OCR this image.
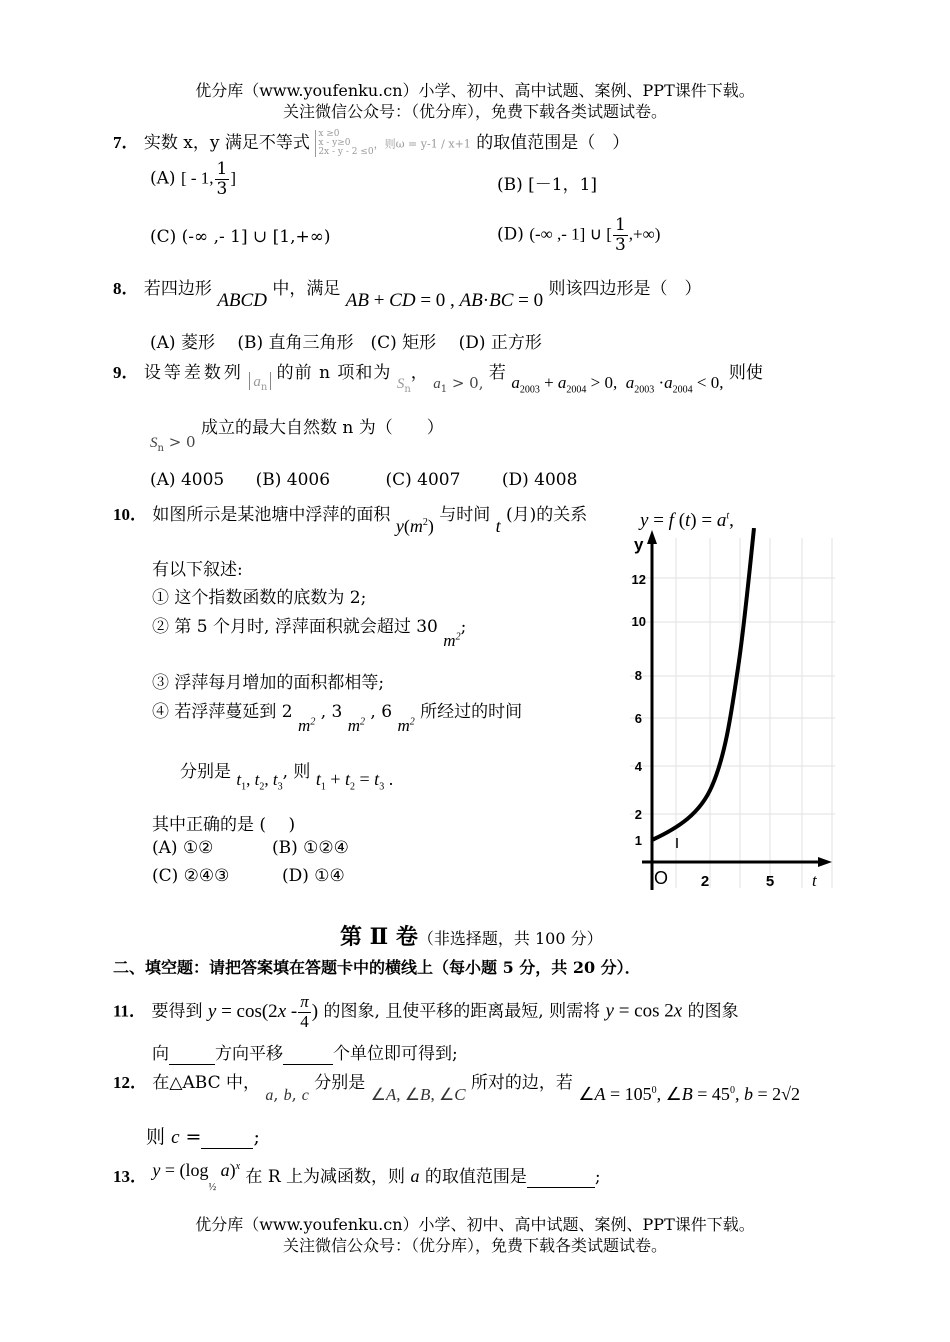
优分库（www.youfenku.cn）小学、初中、高中试题、案例、PPT课件下载。
关注微信公众号：（优分库），免费下载各类试题试卷。
7． 实数 x，y 满足不等式 x ≥0
x - y≥0
2x - y - 2 ≤0，则ω = y-1 / x+1 的取值范围是（　）
(A) [ - 1, $\frac{1}{3}$ ]	(B) [－1，1]
(C) (-∞ ,- 1] ∪ [1,+∞)	(D) (-∞ ,- 1] ∪ [ $\frac{1}{3}$ ,+∞)
8． 若四边形 ABCD 中，满足 AB + CD = 0 , AB·BC = 0 则该四边形是（　）
(A) 菱形　 (B) 直角三角形　(C) 矩形　 (D) 正方形
9． 设等差数列 $a_n$ 的前 n 项和为 $S_n$， $a_1 > 0$, 若 $a_{2003} + a_{2004} > 0$,  $a_{2003} \cdot a_{2004} < 0$, 则使
$S_n > 0$ 成立的最大自然数 n 为（　　）
(A) 4005 (B) 4006	(C) 4007 (D) 4008
10． 如图所示是某池塘中浮萍的面积 $y(m^2)$ 与时间 t (月)的关系	y = f $(t) = a^t$,
有以下叙述:
① 这个指数函数的底数为 2;
② 第 5 个月时, 浮萍面积就会超过 30 $m^2$;
③ 浮萍每月增加的面积都相等;
④ 若浮萍蔓延到 2 $m^2$ , 3 $m^2$ , 6 $m^2$ 所经过的时间
分别是 $t_1$, $t_2$, $t_3$, 则 $t_1 + t_2 = t_3$ .
其中正确的是 (　 )
(A) ①②	(B) ①②④
(C) ②④③	(D) ①④
y
t
O
12
10
8
6
4
2
1
2	5
第 Ⅱ 卷（非选择题，共 100 分）
二、填空题：请把答案填在答题卡中的横线上（每小题 5 分，共 20 分）．
11． 要得到 $y = \cos(2x - \frac{\pi}{4}$ ) 的图象, 且使平移的距离最短, 则需将 y = cos 2x 的图象
向	方向平移	个单位即可得到;
12． 在△ABC 中， a, b, c 分别是 ∠A, ∠B, ∠C 所对的边，若 ∠A = $105^0$, ∠B = $45^0$, b = 2√2
则 c =	;
13． $y = (\log_{\frac{1}{2}}$ a)$^x$ 在 R 上为减函数，则 a 的取值范围是	;
优分库（www.youfenku.cn）小学、初中、高中试题、案例、PPT课件下载。
关注微信公众号：（优分库），免费下载各类试题试卷。
